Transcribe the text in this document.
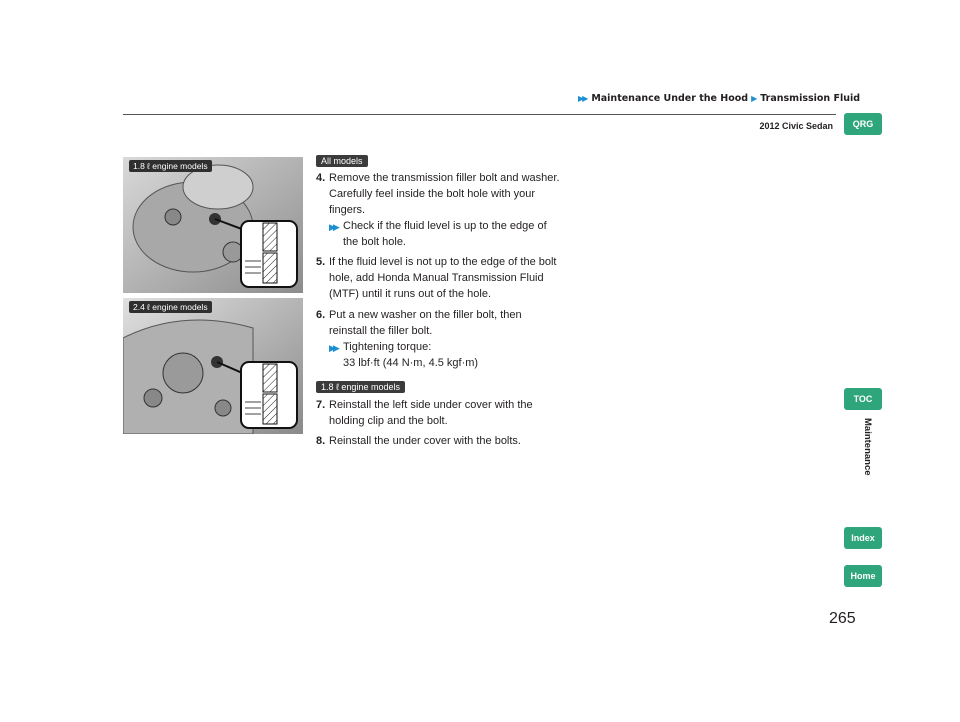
▶▶ Maintenance Under the Hood ▶ Transmission Fluid
2012 Civic Sedan	QRG
TOC
Maintenance
Index
Home
1.8 ℓ engine models
2.4 ℓ engine models
All models
1.8 ℓ engine models
4. Remove the transmission filler bolt and washer. Carefully feel inside the bolt hole with your fingers.
▶▶ Check if the fluid level is up to the edge of the bolt hole.
5. If the fluid level is not up to the edge of the bolt hole, add Honda Manual Transmission Fluid (MTF) until it runs out of the hole.
6. Put a new washer on the filler bolt, then reinstall the filler bolt.
▶▶ Tightening torque:
33 lbf·ft (44 N·m, 4.5 kgf·m)
7. Reinstall the left side under cover with the holding clip and the bolt.
8. Reinstall the under cover with the bolts.
265
